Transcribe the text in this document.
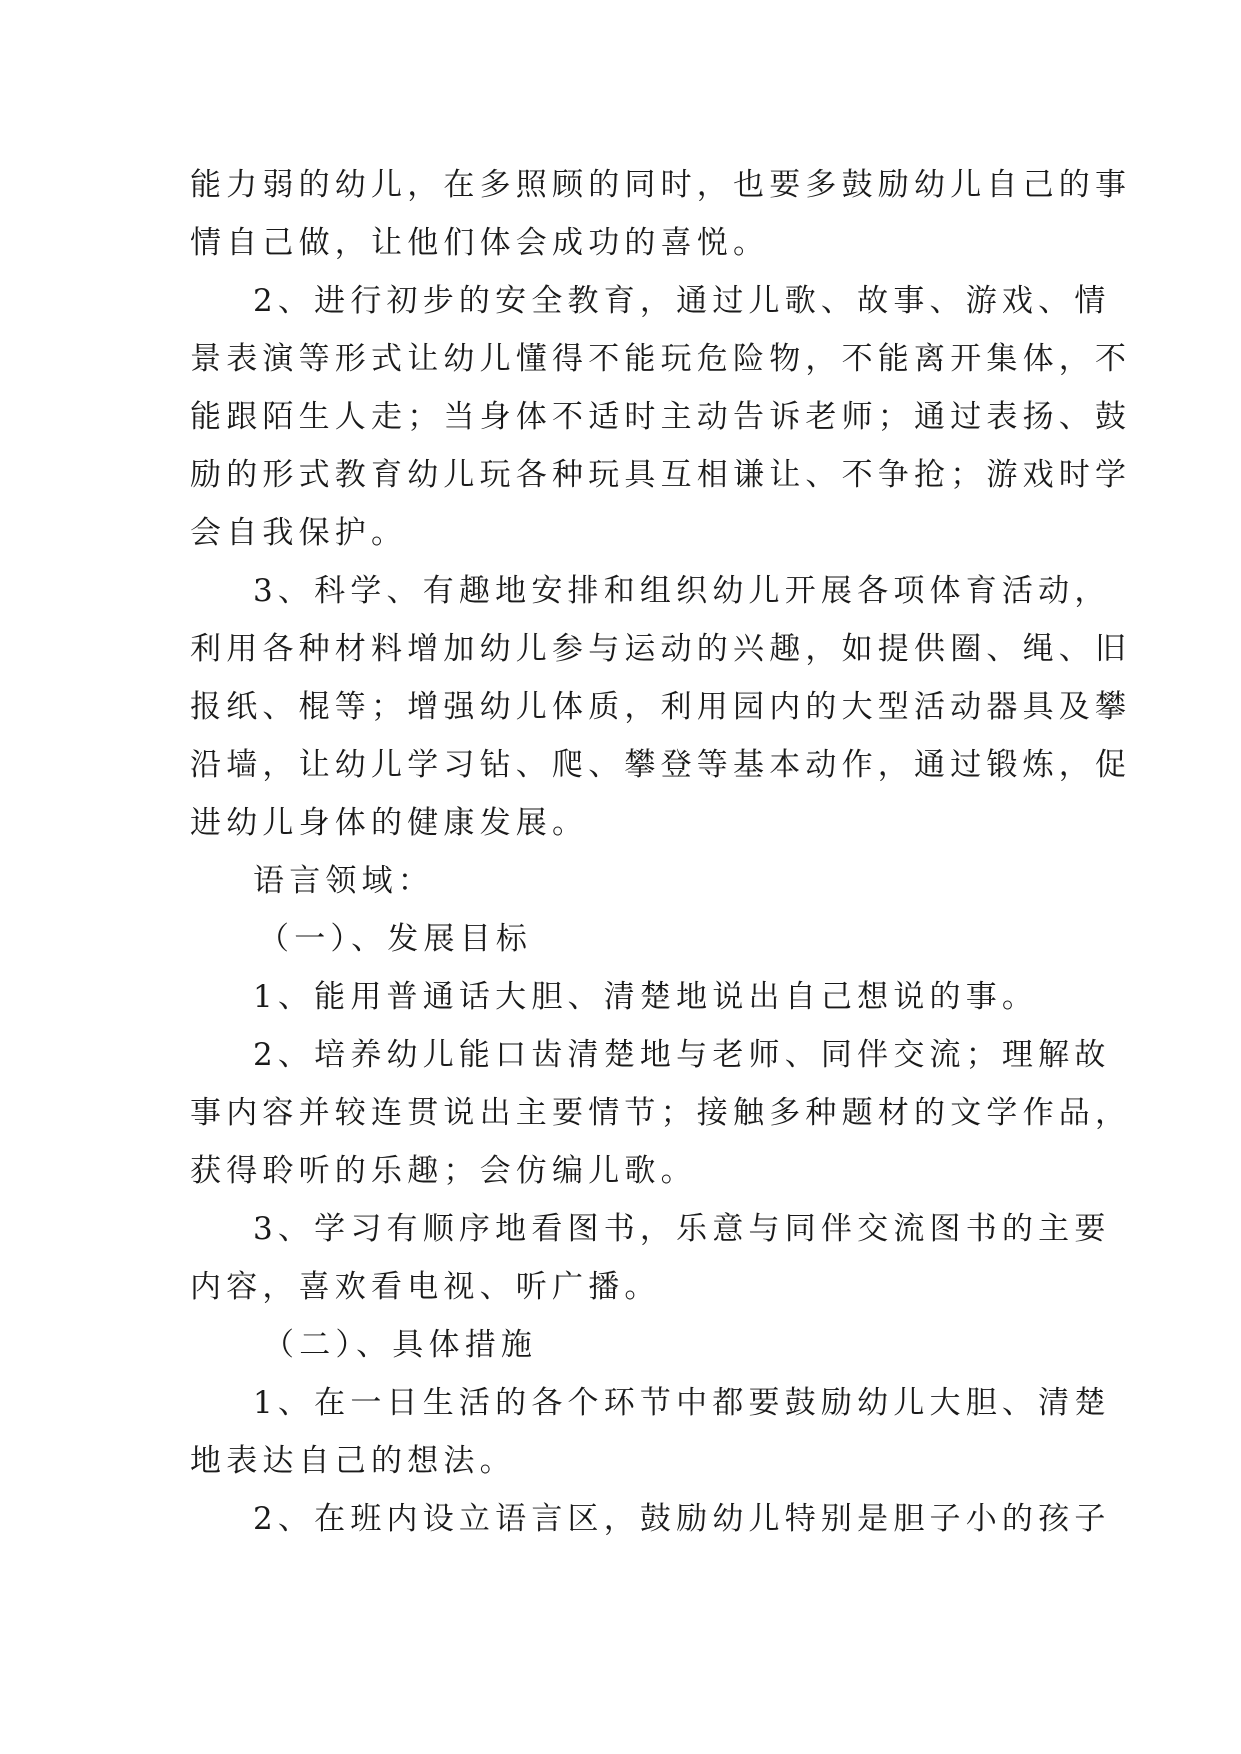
能力弱的幼儿，在多照顾的同时，也要多鼓励幼儿自己的事
情自己做，让他们体会成功的喜悦。
2、进行初步的安全教育，通过儿歌、故事、游戏、情
景表演等形式让幼儿懂得不能玩危险物，不能离开集体，不
能跟陌生人走；当身体不适时主动告诉老师；通过表扬、鼓
励的形式教育幼儿玩各种玩具互相谦让、不争抢；游戏时学
会自我保护。
3、科学、有趣地安排和组织幼儿开展各项体育活动，
利用各种材料增加幼儿参与运动的兴趣，如提供圈、绳、旧
报纸、棍等；增强幼儿体质，利用园内的大型活动器具及攀
沿墙，让幼儿学习钻、爬、攀登等基本动作，通过锻炼，促
进幼儿身体的健康发展。
语言领域：
（一）、发展目标
1、能用普通话大胆、清楚地说出自己想说的事。
2、培养幼儿能口齿清楚地与老师、同伴交流；理解故
事内容并较连贯说出主要情节；接触多种题材的文学作品，
获得聆听的乐趣；会仿编儿歌。
3、学习有顺序地看图书，乐意与同伴交流图书的主要
内容，喜欢看电视、听广播。
（二）、具体措施
1、在一日生活的各个环节中都要鼓励幼儿大胆、清楚
地表达自己的想法。
2、在班内设立语言区，鼓励幼儿特别是胆子小的孩子
